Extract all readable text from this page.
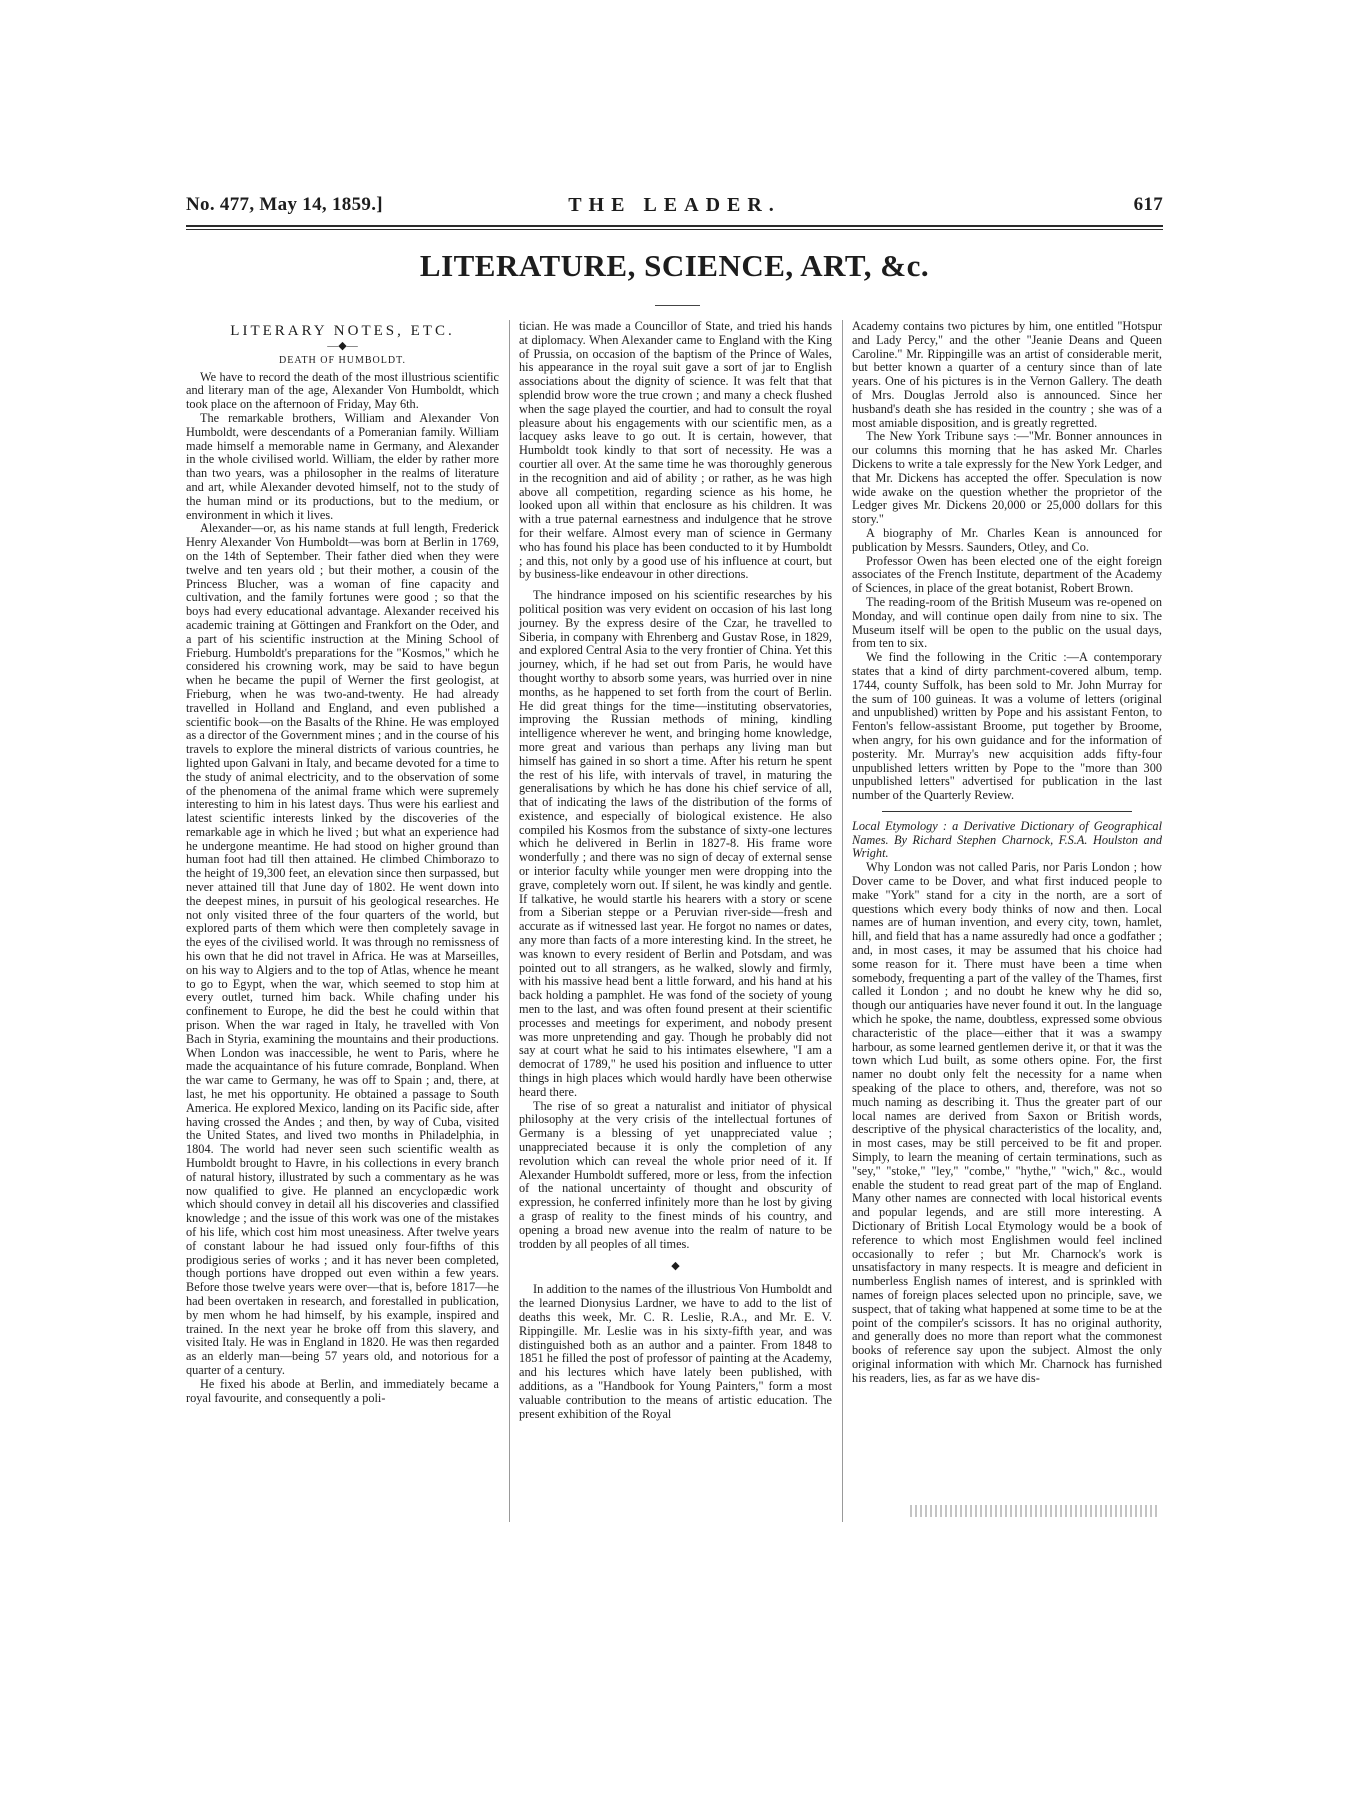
No. 477, May 14, 1859.]	THE LEADER.	617
LITERATURE, SCIENCE, ART, &c.
LITERARY NOTES, ETC.
—◆—
DEATH OF HUMBOLDT.

We have to record the death of the most illustrious scientific and literary man of the age, Alexander Von Humboldt, which took place on the afternoon of Friday, May 6th.

The remarkable brothers, William and Alexander Von Humboldt, were descendants of a Pomeranian family. William made himself a memorable name in Germany, and Alexander in the whole civilised world. William, the elder by rather more than two years, was a philosopher in the realms of literature and art, while Alexander devoted himself, not to the study of the human mind or its productions, but to the medium, or environment in which it lives.

Alexander—or, as his name stands at full length, Frederick Henry Alexander Von Humboldt—was born at Berlin in 1769, on the 14th of September. Their father died when they were twelve and ten years old ; but their mother, a cousin of the Princess Blucher, was a woman of fine capacity and cultivation, and the family fortunes were good ; so that the boys had every educational advantage. Alexander received his academic training at Göttingen and Frankfort on the Oder, and a part of his scientific instruction at the Mining School of Frieburg. Humboldt's preparations for the "Kosmos," which he considered his crowning work, may be said to have begun when he became the pupil of Werner the first geologist, at Frieburg, when he was two-and-twenty. He had already travelled in Holland and England, and even published a scientific book—on the Basalts of the Rhine. He was employed as a director of the Government mines ; and in the course of his travels to explore the mineral districts of various countries, he lighted upon Galvani in Italy, and became devoted for a time to the study of animal electricity, and to the observation of some of the phenomena of the animal frame which were supremely interesting to him in his latest days. Thus were his earliest and latest scientific interests linked by the discoveries of the remarkable age in which he lived ; but what an experience had he undergone meantime. He had stood on higher ground than human foot had till then attained. He climbed Chimborazo to the height of 19,300 feet, an elevation since then surpassed, but never attained till that June day of 1802. He went down into the deepest mines, in pursuit of his geological researches. He not only visited three of the four quarters of the world, but explored parts of them which were then completely savage in the eyes of the civilised world. It was through no remissness of his own that he did not travel in Africa. He was at Marseilles, on his way to Algiers and to the top of Atlas, whence he meant to go to Egypt, when the war, which seemed to stop him at every outlet, turned him back. While chafing under his confinement to Europe, he did the best he could within that prison. When the war raged in Italy, he travelled with Von Bach in Styria, examining the mountains and their productions. When London was inaccessible, he went to Paris, where he made the acquaintance of his future comrade, Bonpland. When the war came to Germany, he was off to Spain ; and, there, at last, he met his opportunity. He obtained a passage to South America. He explored Mexico, landing on its Pacific side, after having crossed the Andes ; and then, by way of Cuba, visited the United States, and lived two months in Philadelphia, in 1804. The world had never seen such scientific wealth as Humboldt brought to Havre, in his collections in every branch of natural history, illustrated by such a commentary as he was now qualified to give. He planned an encyclopædic work which should convey in detail all his discoveries and classified knowledge ; and the issue of this work was one of the mistakes of his life, which cost him most uneasiness. After twelve years of constant labour he had issued only four-fifths of this prodigious series of works ; and it has never been completed, though portions have dropped out even within a few years. Before those twelve years were over—that is, before 1817—he had been overtaken in research, and forestalled in publication, by men whom he had himself, by his example, inspired and trained. In the next year he broke off from this slavery, and visited Italy. He was in England in 1820. He was then regarded as an elderly man—being 57 years old, and notorious for a quarter of a century.

He fixed his abode at Berlin, and immediately became a royal favourite, and consequently a poli-

tician. He was made a Councillor of State, and tried his hands at diplomacy. When Alexander came to England with the King of Prussia, on occasion of the baptism of the Prince of Wales, his appearance in the royal suit gave a sort of jar to English associations about the dignity of science. It was felt that that splendid brow wore the true crown ; and many a check flushed when the sage played the courtier, and had to consult the royal pleasure about his engagements with our scientific men, as a lacquey asks leave to go out. It is certain, however, that Humboldt took kindly to that sort of necessity. He was a courtier all over. At the same time he was thoroughly generous in the recognition and aid of ability ; or rather, as he was high above all competition, regarding science as his home, he looked upon all within that enclosure as his children. It was with a true paternal earnestness and indulgence that he strove for their welfare. Almost every man of science in Germany who has found his place has been conducted to it by Humboldt ; and this, not only by a good use of his influence at court, but by business-like endeavour in other directions.

The hindrance imposed on his scientific researches by his political position was very evident on occasion of his last long journey. By the express desire of the Czar, he travelled to Siberia, in company with Ehrenberg and Gustav Rose, in 1829, and explored Central Asia to the very frontier of China. Yet this journey, which, if he had set out from Paris, he would have thought worthy to absorb some years, was hurried over in nine months, as he happened to set forth from the court of Berlin. He did great things for the time—instituting observatories, improving the Russian methods of mining, kindling intelligence wherever he went, and bringing home knowledge, more great and various than perhaps any living man but himself has gained in so short a time. After his return he spent the rest of his life, with intervals of travel, in maturing the generalisations by which he has done his chief service of all, that of indicating the laws of the distribution of the forms of existence, and especially of biological existence. He also compiled his Kosmos from the substance of sixty-one lectures which he delivered in Berlin in 1827-8. His frame wore wonderfully ; and there was no sign of decay of external sense or interior faculty while younger men were dropping into the grave, completely worn out. If silent, he was kindly and gentle. If talkative, he would startle his hearers with a story or scene from a Siberian steppe or a Peruvian river-side—fresh and accurate as if witnessed last year. He forgot no names or dates, any more than facts of a more interesting kind. In the street, he was known to every resident of Berlin and Potsdam, and was pointed out to all strangers, as he walked, slowly and firmly, with his massive head bent a little forward, and his hand at his back holding a pamphlet. He was fond of the society of young men to the last, and was often found present at their scientific processes and meetings for experiment, and nobody present was more unpretending and gay. Though he probably did not say at court what he said to his intimates elsewhere, "I am a democrat of 1789," he used his position and influence to utter things in high places which would hardly have been otherwise heard there.

The rise of so great a naturalist and initiator of physical philosophy at the very crisis of the intellectual fortunes of Germany is a blessing of yet unappreciated value ; unappreciated because it is only the completion of any revolution which can reveal the whole prior need of it. If Alexander Humboldt suffered, more or less, from the infection of the national uncertainty of thought and obscurity of expression, he conferred infinitely more than he lost by giving a grasp of reality to the finest minds of his country, and opening a broad new avenue into the realm of nature to be trodden by all peoples of all times.

◆

In addition to the names of the illustrious Von Humboldt and the learned Dionysius Lardner, we have to add to the list of deaths this week, Mr. C. R. Leslie, R.A., and Mr. E. V. Rippingille. Mr. Leslie was in his sixty-fifth year, and was distinguished both as an author and a painter. From 1848 to 1851 he filled the post of professor of painting at the Academy, and his lectures which have lately been published, with additions, as a "Handbook for Young Painters," form a most valuable contribution to the means of artistic education. The present exhibition of the Royal

Academy contains two pictures by him, one entitled "Hotspur and Lady Percy," and the other "Jeanie Deans and Queen Caroline." Mr. Rippingille was an artist of considerable merit, but better known a quarter of a century since than of late years. One of his pictures is in the Vernon Gallery. The death of Mrs. Douglas Jerrold also is announced. Since her husband's death she has resided in the country ; she was of a most amiable disposition, and is greatly regretted.

The New York Tribune says :—"Mr. Bonner announces in our columns this morning that he has asked Mr. Charles Dickens to write a tale expressly for the New York Ledger, and that Mr. Dickens has accepted the offer. Speculation is now wide awake on the question whether the proprietor of the Ledger gives Mr. Dickens 20,000 or 25,000 dollars for this story."

A biography of Mr. Charles Kean is announced for publication by Messrs. Saunders, Otley, and Co.

Professor Owen has been elected one of the eight foreign associates of the French Institute, department of the Academy of Sciences, in place of the great botanist, Robert Brown.

The reading-room of the British Museum was re-opened on Monday, and will continue open daily from nine to six. The Museum itself will be open to the public on the usual days, from ten to six.

We find the following in the Critic :—A contemporary states that a kind of dirty parchment-covered album, temp. 1744, county Suffolk, has been sold to Mr. John Murray for the sum of 100 guineas. It was a volume of letters (original and unpublished) written by Pope and his assistant Fenton, to Fenton's fellow-assistant Broome, put together by Broome, when angry, for his own guidance and for the information of posterity. Mr. Murray's new acquisition adds fifty-four unpublished letters written by Pope to the "more than 300 unpublished letters" advertised for publication in the last number of the Quarterly Review.

Local Etymology : a Derivative Dictionary of Geographical Names. By Richard Stephen Charnock, F.S.A. Houlston and Wright.

Why London was not called Paris, nor Paris London ; how Dover came to be Dover, and what first induced people to make "York" stand for a city in the north, are a sort of questions which every body thinks of now and then. Local names are of human invention, and every city, town, hamlet, hill, and field that has a name assuredly had once a godfather ; and, in most cases, it may be assumed that his choice had some reason for it. There must have been a time when somebody, frequenting a part of the valley of the Thames, first called it London ; and no doubt he knew why he did so, though our antiquaries have never found it out. In the language which he spoke, the name, doubtless, expressed some obvious characteristic of the place—either that it was a swampy harbour, as some learned gentlemen derive it, or that it was the town which Lud built, as some others opine. For, the first namer no doubt only felt the necessity for a name when speaking of the place to others, and, therefore, was not so much naming as describing it. Thus the greater part of our local names are derived from Saxon or British words, descriptive of the physical characteristics of the locality, and, in most cases, may be still perceived to be fit and proper. Simply, to learn the meaning of certain terminations, such as "sey," "stoke," "ley," "combe," "hythe," "wich," &c., would enable the student to read great part of the map of England. Many other names are connected with local historical events and popular legends, and are still more interesting. A Dictionary of British Local Etymology would be a book of reference to which most Englishmen would feel inclined occasionally to refer ; but Mr. Charnock's work is unsatisfactory in many respects. It is meagre and deficient in numberless English names of interest, and is sprinkled with names of foreign places selected upon no principle, save, we suspect, that of taking what happened at some time to be at the point of the compiler's scissors. It has no original authority, and generally does no more than report what the commonest books of reference say upon the subject. Almost the only original information with which Mr. Charnock has furnished his readers, lies, as far as we have dis-
